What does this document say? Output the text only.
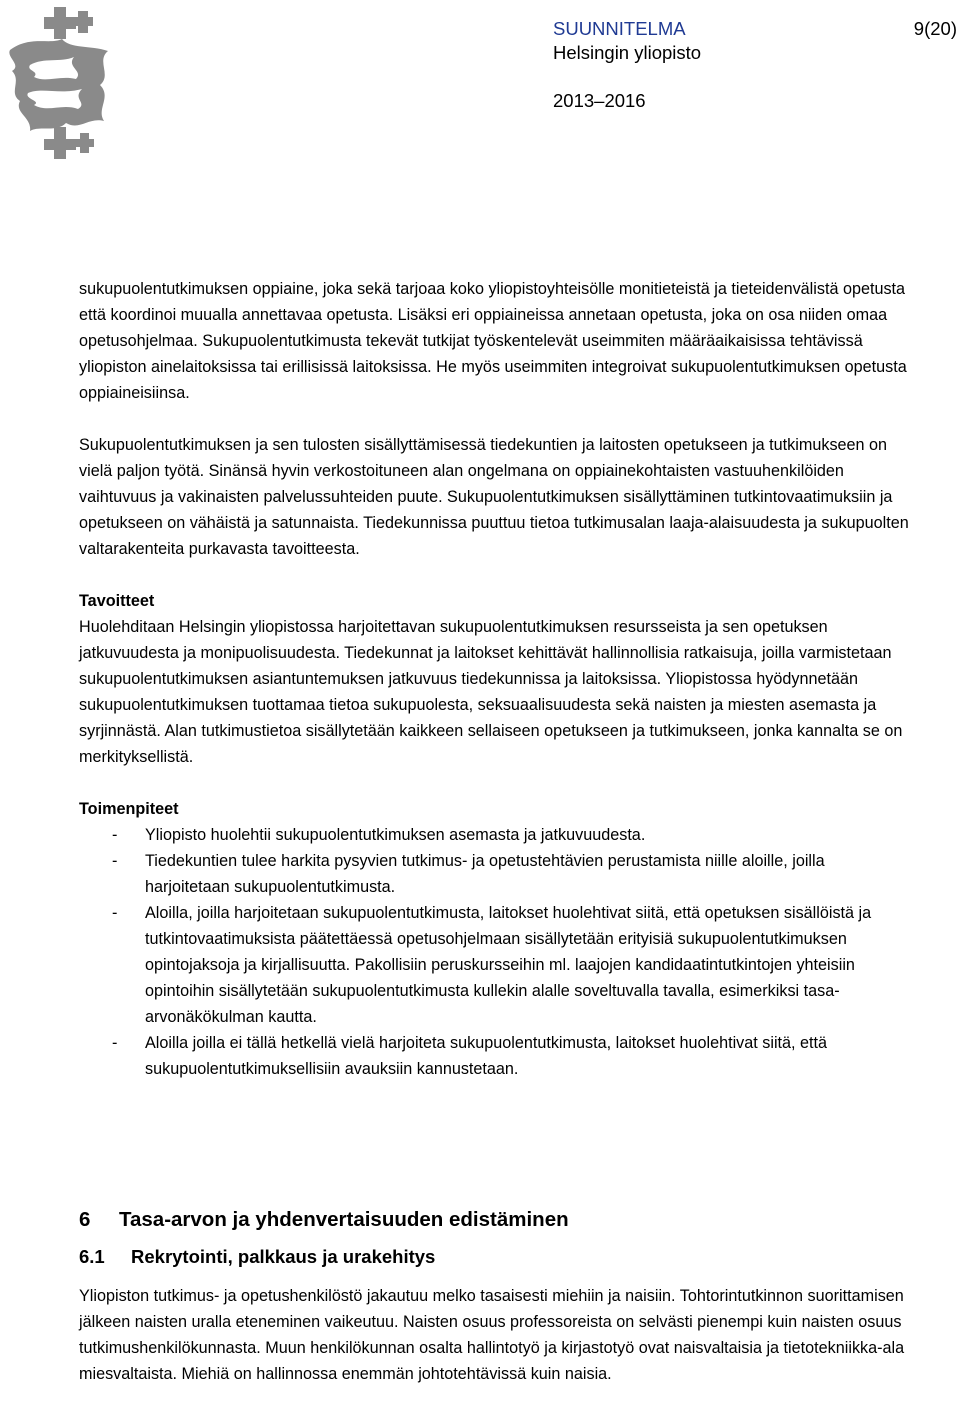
SUUNNITELMA	9(20)
Helsingin yliopisto
2013–2016

sukupuolentutkimuksen oppiaine, joka sekä tarjoaa koko yliopistoyhteisölle monitieteistä ja tieteidenvälistä opetusta että koordinoi muualla annettavaa opetusta. Lisäksi eri oppiaineissa annetaan opetusta, joka on osa niiden omaa opetusohjelmaa. Sukupuolentutkimusta tekevät tutkijat työskentelevät useimmiten määräaikaisissa tehtävissä yliopiston ainelaitoksissa tai erillisissä laitoksissa. He myös useimmiten integroivat sukupuolentutkimuksen opetusta oppiaineisiinsa.

Sukupuolentutkimuksen ja sen tulosten sisällyttämisessä tiedekuntien ja laitosten opetukseen ja tutkimukseen on vielä paljon työtä. Sinänsä hyvin verkostoituneen alan ongelmana on oppiainekohtaisten vastuuhenkilöiden vaihtuvuus ja vakinaisten palvelussuhteiden puute. Sukupuolentutkimuksen sisällyttäminen tutkintovaatimuksiin ja opetukseen on vähäistä ja satunnaista. Tiedekunnissa puuttuu tietoa tutkimusalan laaja-alaisuudesta ja sukupuolten valtarakenteita purkavasta tavoitteesta.

Tavoitteet

Huolehditaan Helsingin yliopistossa harjoitettavan sukupuolentutkimuksen resursseista ja sen opetuksen jatkuvuudesta ja monipuolisuudesta. Tiedekunnat ja laitokset kehittävät hallinnollisia ratkaisuja, joilla varmistetaan sukupuolentutkimuksen asiantuntemuksen jatkuvuus tiedekunnissa ja laitoksissa. Yliopistossa hyödynnetään sukupuolentutkimuksen tuottamaa tietoa sukupuolesta, seksuaalisuudesta sekä naisten ja miesten asemasta ja syrjinnästä. Alan tutkimustietoa sisällytetään kaikkeen sellaiseen opetukseen ja tutkimukseen, jonka kannalta se on merkityksellistä.

Toimenpiteet

- Yliopisto huolehtii sukupuolentutkimuksen asemasta ja jatkuvuudesta.
- Tiedekuntien tulee harkita pysyvien tutkimus- ja opetustehtävien perustamista niille aloille, joilla harjoitetaan sukupuolentutkimusta.
- Aloilla, joilla harjoitetaan sukupuolentutkimusta, laitokset huolehtivat siitä, että opetuksen sisällöistä ja tutkintovaatimuksista päätettäessä opetusohjelmaan sisällytetään erityisiä sukupuolentutkimuksen opintojaksoja ja kirjallisuutta. Pakollisiin peruskursseihin ml. laajojen kandidaatintutkintojen yhteisiin opintoihin sisällytetään sukupuolentutkimusta kullekin alalle soveltuvalla tavalla, esimerkiksi tasa-arvonäkökulman kautta.
- Aloilla joilla ei tällä hetkellä vielä harjoiteta sukupuolentutkimusta, laitokset huolehtivat siitä, että sukupuolentutkimuksellisiin avauksiin kannustetaan.
6 Tasa-arvon ja yhdenvertaisuuden edistäminen
6.1 Rekrytointi, palkkaus ja urakehitys

Yliopiston tutkimus- ja opetushenkilöstö jakautuu melko tasaisesti miehiin ja naisiin. Tohtorintutkinnon suorittamisen jälkeen naisten uralla eteneminen vaikeutuu. Naisten osuus professoreista on selvästi pienempi kuin naisten osuus tutkimushenkilökunnasta. Muun henkilökunnan osalta hallintotyö ja kirjastotyö ovat naisvaltaisia ja tietotekniikka-ala miesvaltaista. Miehiä on hallinnossa enemmän johtotehtävissä kuin naisia.
